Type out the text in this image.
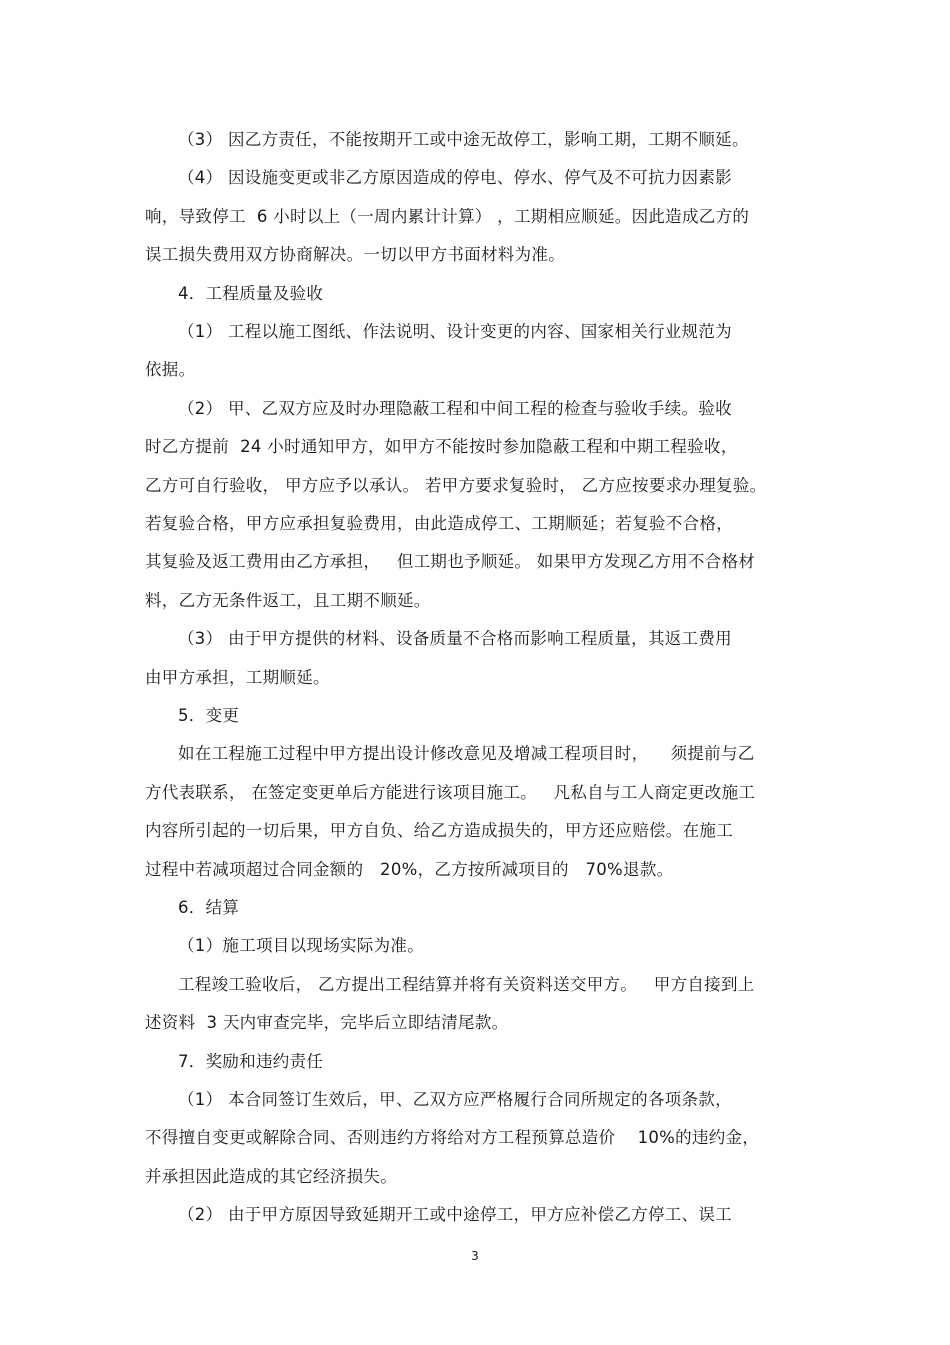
（3） 因乙方责任，不能按期开工或中途无故停工，影响工期，工期不顺延。
（4） 因设施变更或非乙方原因造成的停电、停水、停气及不可抗力因素影
响，导致停工  6 小时以上（一周内累计计算） ，工期相应顺延。因此造成乙方的
误工损失费用双方协商解决。一切以甲方书面材料为准。
4．工程质量及验收
（1） 工程以施工图纸、作法说明、设计变更的内容、国家相关行业规范为
依据。
（2） 甲、乙双方应及时办理隐蔽工程和中间工程的检查与验收手续。验收
时乙方提前  24 小时通知甲方，如甲方不能按时参加隐蔽工程和中期工程验收，
乙方可自行验收， 甲方应予以承认。 若甲方要求复验时， 乙方应按要求办理复验。
若复验合格，甲方应承担复验费用，由此造成停工、工期顺延；若复验不合格，
其复验及返工费用由乙方承担，   但工期也予顺延。 如果甲方发现乙方用不合格材
料，乙方无条件返工，且工期不顺延。
（3） 由于甲方提供的材料、设备质量不合格而影响工程质量，其返工费用
由甲方承担，工期顺延。
5．变更
如在工程施工过程中甲方提出设计修改意见及增减工程项目时，    须提前与乙
方代表联系， 在签定变更单后方能进行该项目施工。   凡私自与工人商定更改施工
内容所引起的一切后果，甲方自负、给乙方造成损失的，甲方还应赔偿。在施工
过程中若减项超过合同金额的   20%，乙方按所减项目的   70%退款。
6．结算
（1）施工项目以现场实际为准。
工程竣工验收后， 乙方提出工程结算并将有关资料送交甲方。   甲方自接到上
述资料  3 天内审查完毕，完毕后立即结清尾款。
7．奖励和违约责任
（1） 本合同签订生效后，甲、乙双方应严格履行合同所规定的各项条款，
不得擅自变更或解除合同、否则违约方将给对方工程预算总造价    10%的违约金，
并承担因此造成的其它经济损失。
（2） 由于甲方原因导致延期开工或中途停工，甲方应补偿乙方停工、误工
3
